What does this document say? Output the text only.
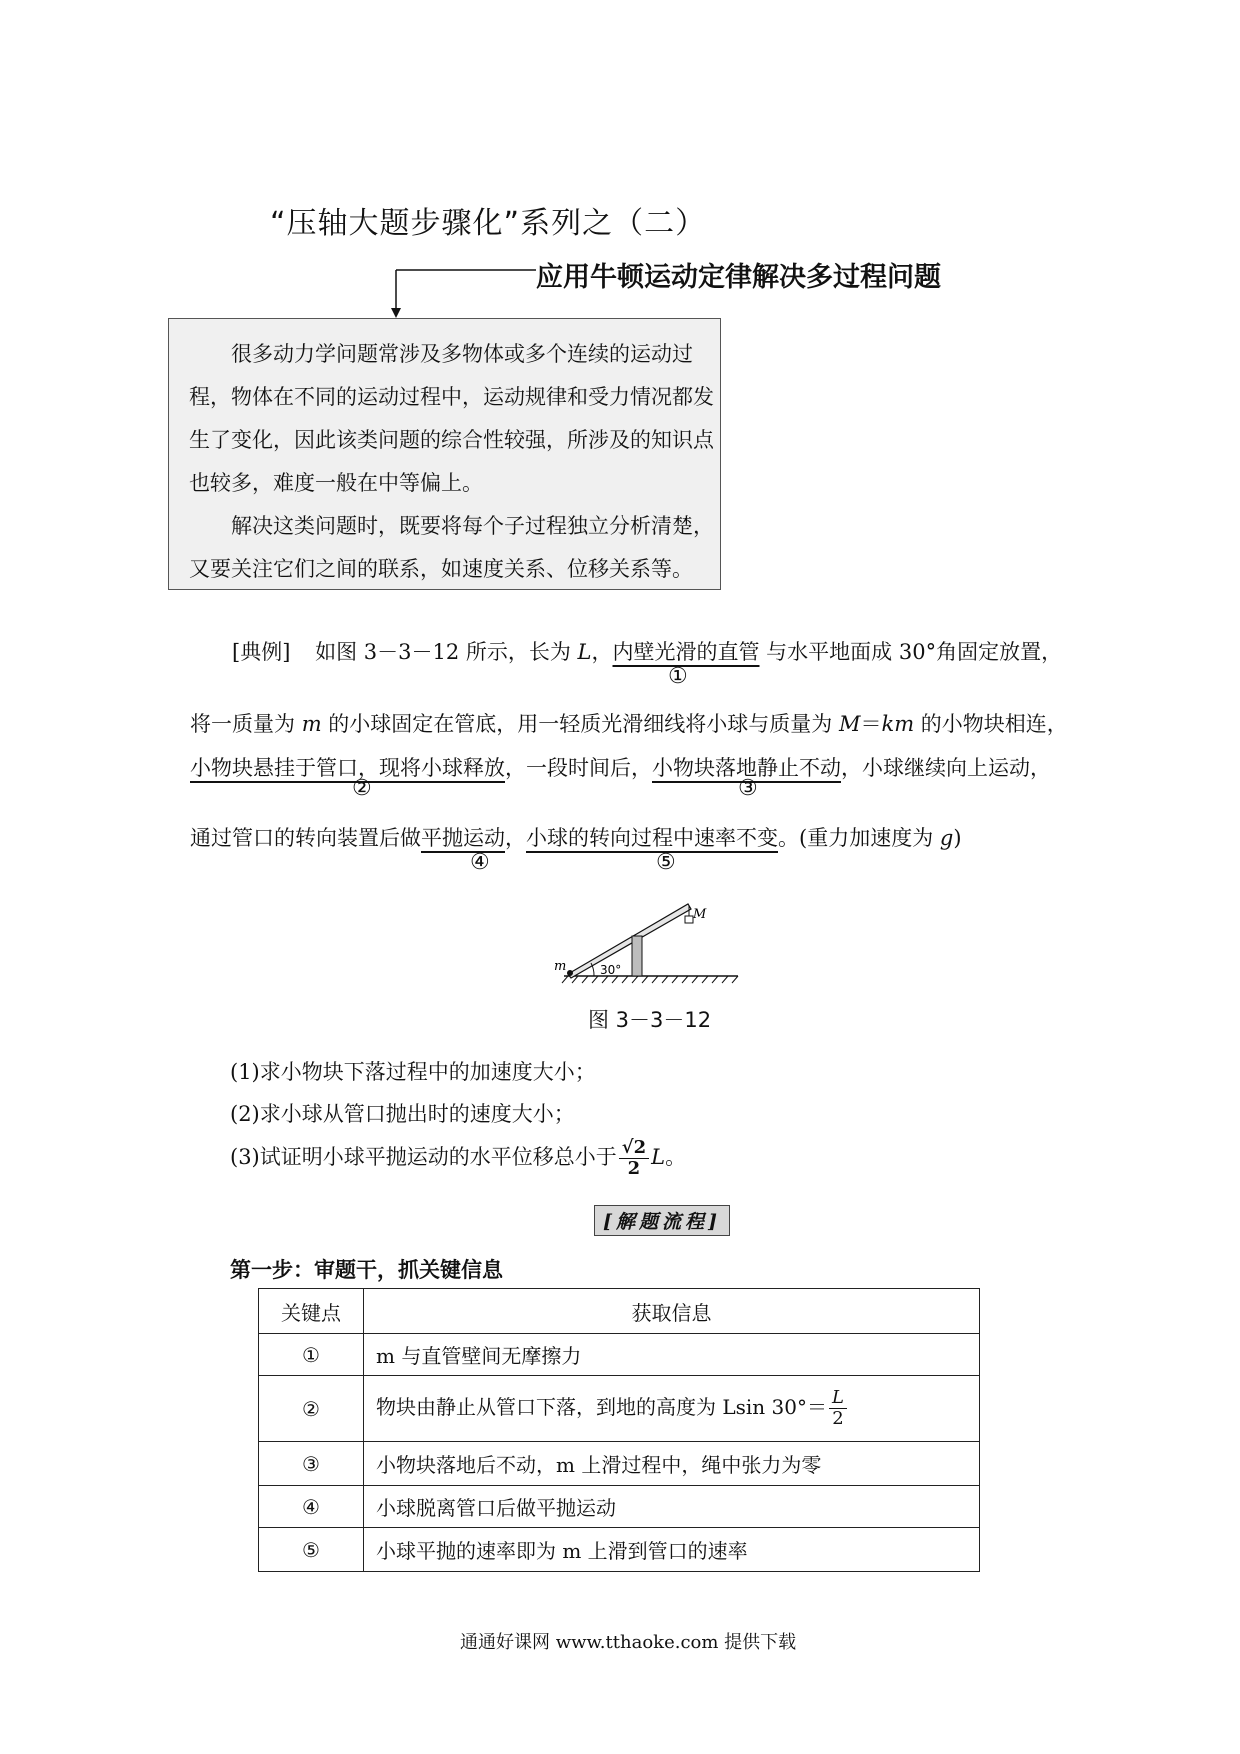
“压轴大题步骤化”系列之（二）
应用牛顿运动定律解决多过程问题

很多动力学问题常涉及多物体或多个连续的运动过程，物体在不同的运动过程中，运动规律和受力情况都发生了变化，因此该类问题的综合性较强，所涉及的知识点也较多，难度一般在中等偏上。

解决这类问题时，既要将每个子过程独立分析清楚，又要关注它们之间的联系，如速度关系、位移关系等。

[典例] 如图 3－3－12 所示，长为 L，内壁光滑的直管 与水平地面成 30°角固定放置，
①
将一质量为 m 的小球固定在管底，用一轻质光滑细线将小球与质量为 M＝km 的小物块相连，
小物块悬挂于管口，现将小球释放，一段时间后，小物块落地静止不动，小球继续向上运动，
②	③
通过管口的转向装置后做平抛运动，小球的转向过程中速率不变。(重力加速度为 g)
④	⑤
M
m	30°
图 3－3－12
(1)求小物块下落过程中的加速度大小；
(2)求小球从管口抛出时的速度大小；
(3)试证明小球平抛运动的水平位移总小于 $\frac{√2}{2}$ L。
[解题流程]
第一步：审题干，抓关键信息
关键点	获取信息
①	m 与直管壁间无摩擦力
②	物块由静止从管口下落，到地的高度为 Lsin $30^\circ= \frac{L}{2}$

③	小物块落地后不动，m 上滑过程中，绳中张力为零
④	小球脱离管口后做平抛运动
⑤	小球平抛的速率即为 m 上滑到管口的速率
通通好课网 www.tthaoke.com 提供下载
